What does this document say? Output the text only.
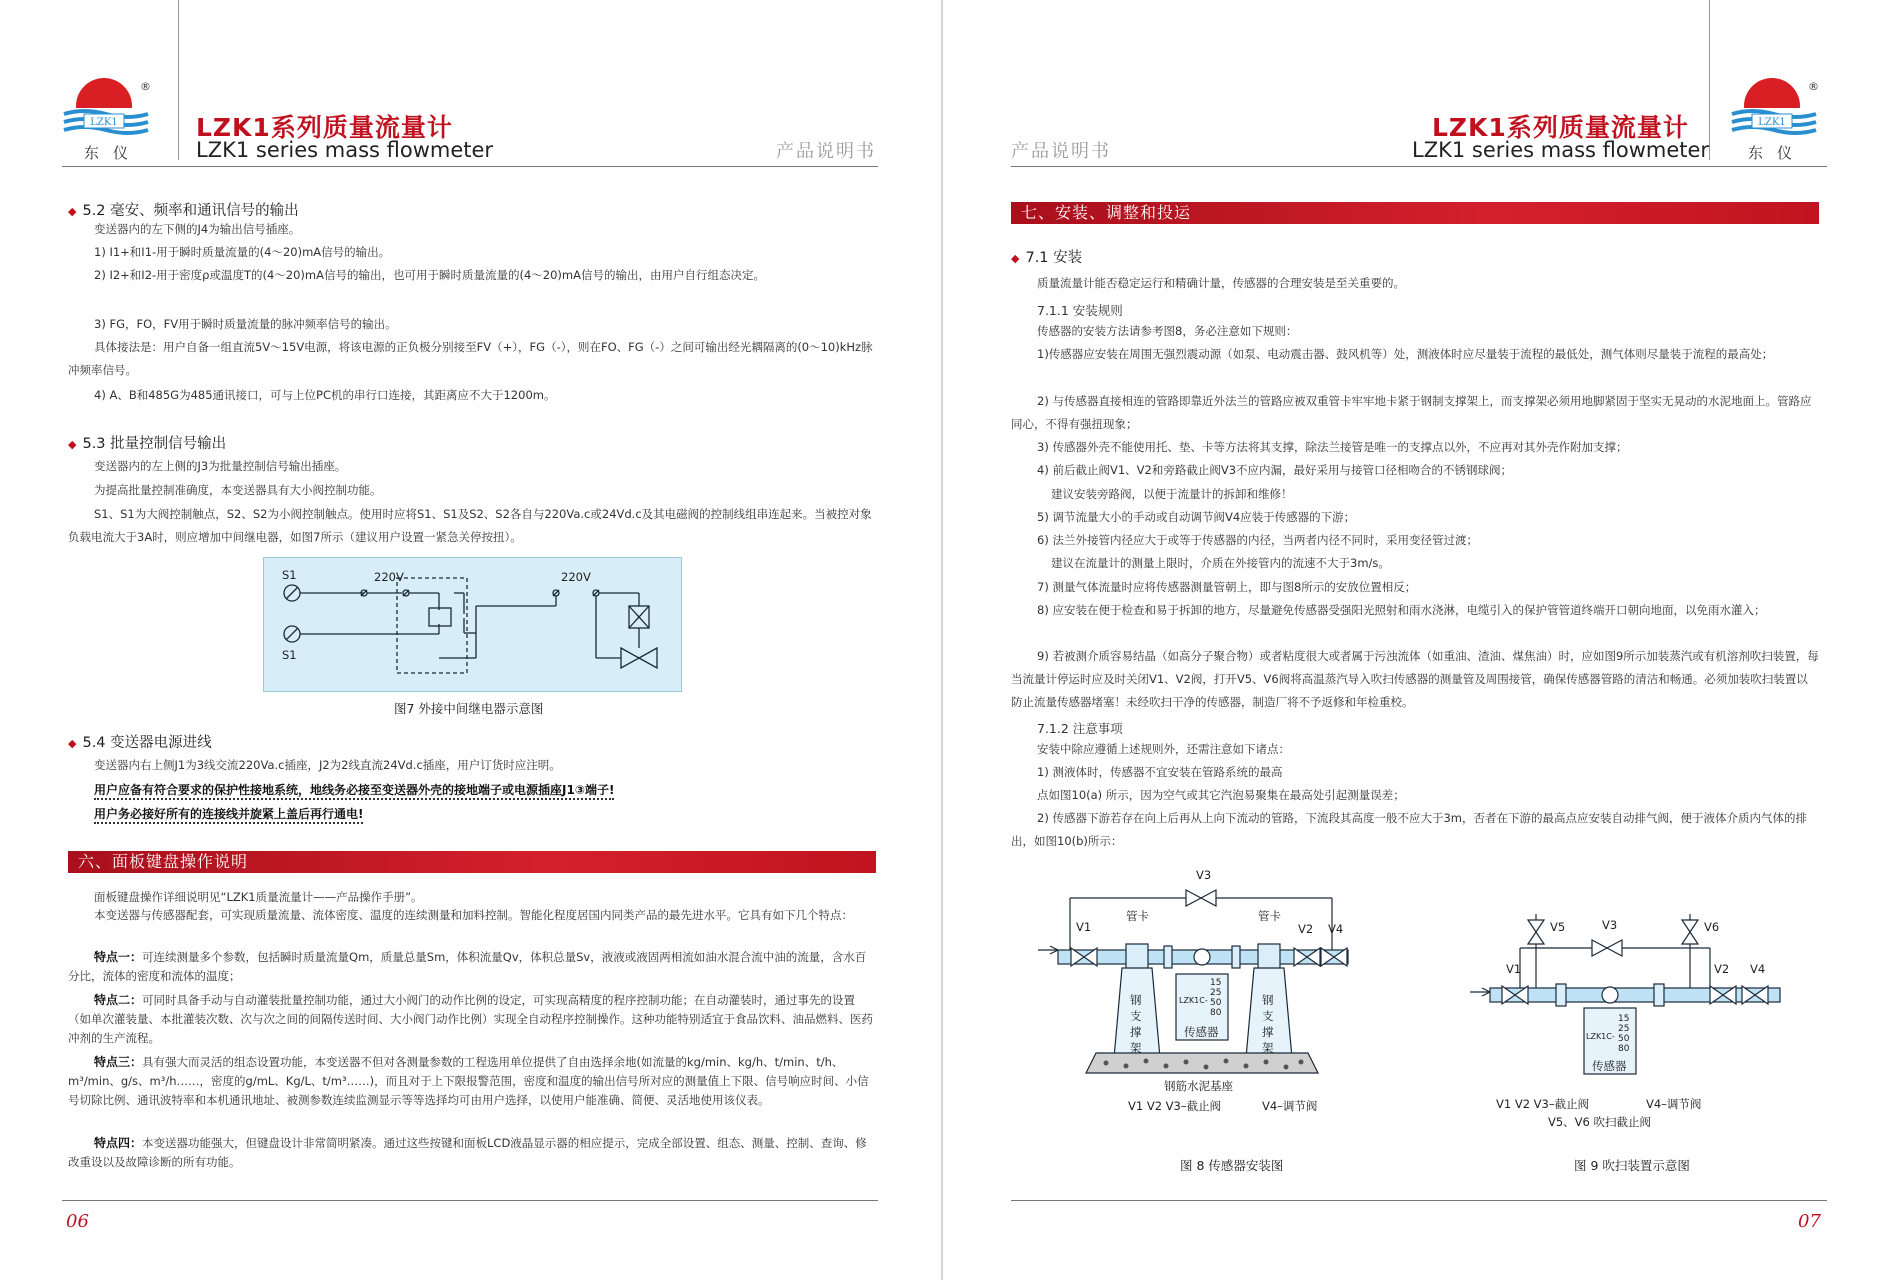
LZK1
®
东仪
LZK1系列质量流量计
LZK1 series mass flowmeter	产品说明书
◆ 5.2 毫安、频率和通讯信号的输出

变送器内的左下侧的J4为输出信号插座。

1) I1+和I1-用于瞬时质量流量的(4～20)mA信号的输出。

2) I2+和I2-用于密度ρ或温度T的(4～20)mA信号的输出，也可用于瞬时质量流量的(4～20)mA信号的输出，由用户自行组态决定。

3) FG，FO，FV用于瞬时质量流量的脉冲频率信号的输出。

具体接法是：用户自备一组直流5V～15V电源，将该电源的正负极分别接至FV（+），FG（-），则在FO、FG（-）之间可输出经光耦隔离的(0～10)kHz脉冲频率信号。

4) A、B和485G为485通讯接口，可与上位PC机的串行口连接，其距离应不大于1200m。

◆ 5.3 批量控制信号输出

变送器内的左上侧的J3为批量控制信号输出插座。

为提高批量控制准确度，本变送器具有大小阀控制功能。

S1、S1为大阀控制触点，S2、S2为小阀控制触点。使用时应将S1、S1及S2、S2各自与220Va.c或24Vd.c及其电磁阀的控制线组串连起来。当被控对象负载电流大于3A时，则应增加中间继电器，如图7所示（建议用户设置一紧急关停按扭）。

S1
S1
220V	220V
图7 外接中间继电器示意图
◆ 5.4 变送器电源进线

变送器内右上侧J1为3线交流220Va.c插座，J2为2线直流24Vd.c插座，用户订货时应注明。

用户应备有符合要求的保护性接地系统，地线务必接至变送器外壳的接地端子或电源插座J1③端子!

用户务必接好所有的连接线并旋紧上盖后再行通电!

六、面板键盘操作说明

面板键盘操作详细说明见“LZK1质量流量计——产品操作手册”。

本变送器与传感器配套，可实现质量流量、流体密度、温度的连续测量和加料控制。智能化程度居国内同类产品的最先进水平。它具有如下几个特点：

特点一：可连续测量多个参数，包括瞬时质量流量Qm，质量总量Sm，体积流量Qv，体积总量Sv，液液或液固两相流如油水混合流中油的流量，含水百分比，流体的密度和流体的温度；

特点二：可同时具备手动与自动灌装批量控制功能，通过大小阀门的动作比例的设定，可实现高精度的程序控制功能；在自动灌装时，通过事先的设置（如单次灌装量、本批灌装次数、次与次之间的间隔传送时间、大小阀门动作比例）实现全自动程序控制操作。这种功能特别适宜于食品饮料、油品燃料、医药冲剂的生产流程。

特点三：具有强大而灵活的组态设置功能，本变送器不但对各测量参数的工程选用单位提供了自由选择余地(如流量的kg/min、kg/h、t/min、t/h、m³/min、g/s、m³/h……，密度的g/mL、Kg/L、t/m³……)，而且对于上下限报警范围，密度和温度的输出信号所对应的测量值上下限、信号响应时间、小信号切除比例、通讯波特率和本机通讯地址、被测参数连续监测显示等等选择均可由用户选择，以使用户能准确、简便、灵活地使用该仪表。

特点四：本变送器功能强大，但键盘设计非常简明紧凑。通过这些按键和面板LCD液晶显示器的相应提示，完成全部设置、组态、测量、控制、查询、修改重设以及故障诊断的所有功能。

06
产品说明书
LZK1系列质量流量计
LZK1 series mass flowmeter
LZK1
®
东仪
七、安装、调整和投运
◆ 7.1 安装

质量流量计能否稳定运行和精确计量，传感器的合理安装是至关重要的。

7.1.1 安装规则

传感器的安装方法请参考图8，务必注意如下规则：

1)传感器应安装在周围无强烈震动源（如泵、电动震击器、鼓风机等）处，测液体时应尽量装于流程的最低处，测气体则尽量装于流程的最高处；

2) 与传感器直接相连的管路即靠近外法兰的管路应被双重管卡牢牢地卡紧于钢制支撑架上，而支撑架必须用地脚紧固于坚实无晃动的水泥地面上。管路应同心，不得有强扭现象；

3) 传感器外壳不能使用托、垫、卡等方法将其支撑，除法兰接管是唯一的支撑点以外，不应再对其外壳作附加支撑；

4) 前后截止阀V1、V2和旁路截止阀V3不应内漏，最好采用与接管口径相吻合的不锈钢球阀；

建议安装旁路阀，以便于流量计的拆卸和维修！

5) 调节流量大小的手动或自动调节阀V4应装于传感器的下游；

6) 法兰外接管内径应大于或等于传感器的内径，当两者内径不同时，采用变径管过渡；

建议在流量计的测量上限时，介质在外接管内的流速不大于3m/s。

7) 测量气体流量时应将传感器测量管朝上，即与图8所示的安放位置相反；

8) 应安装在便于检查和易于拆卸的地方，尽量避免传感器受强阳光照射和雨水浇淋，电缆引入的保护管管道终端开口朝向地面，以免雨水灌入；

9) 若被测介质容易结晶（如高分子聚合物）或者粘度很大或者属于污浊流体（如重油、渣油、煤焦油）时，应如图9所示加装蒸汽或有机溶剂吹扫装置，每当流量计停运时应及时关闭V1、V2阀，打开V5、V6阀将高温蒸汽导入吹扫传感器的测量管及周围接管，确保传感器管路的清洁和畅通。必须加装吹扫装置以防止流量传感器堵塞！未经吹扫干净的传感器，制造厂将不予返修和年检重校。

7.1.2 注意事项

安装中除应遵循上述规则外，还需注意如下诸点：

1) 测液体时，传感器不宜安装在管路系统的最高

点如图10(a) 所示，因为空气或其它汽泡易聚集在最高处引起测量误差；

2) 传感器下游若存在向上后再从上向下流动的管路，下流段其高度一般不应大于3m，否者在下游的最高点应安装自动排气阀，便于液体介质内气体的排出，如图10(b)所示：

V3
V1	V2 V4
管卡	管卡
钢支撑架
钢支撑架
LZK1C-
15
25
50
80
传感器
钢筋水泥基座
V1 V2 V3–截止阀	V4–调节阀
图 8 传感器安装图
V3
V5	V6
V1	V2 V4
LZK1C-
15
25
50
80
传感器
V1 V2 V3–截止阀	V4–调节阀
V5、V6 吹扫截止阀
图 9 吹扫装置示意图
07
